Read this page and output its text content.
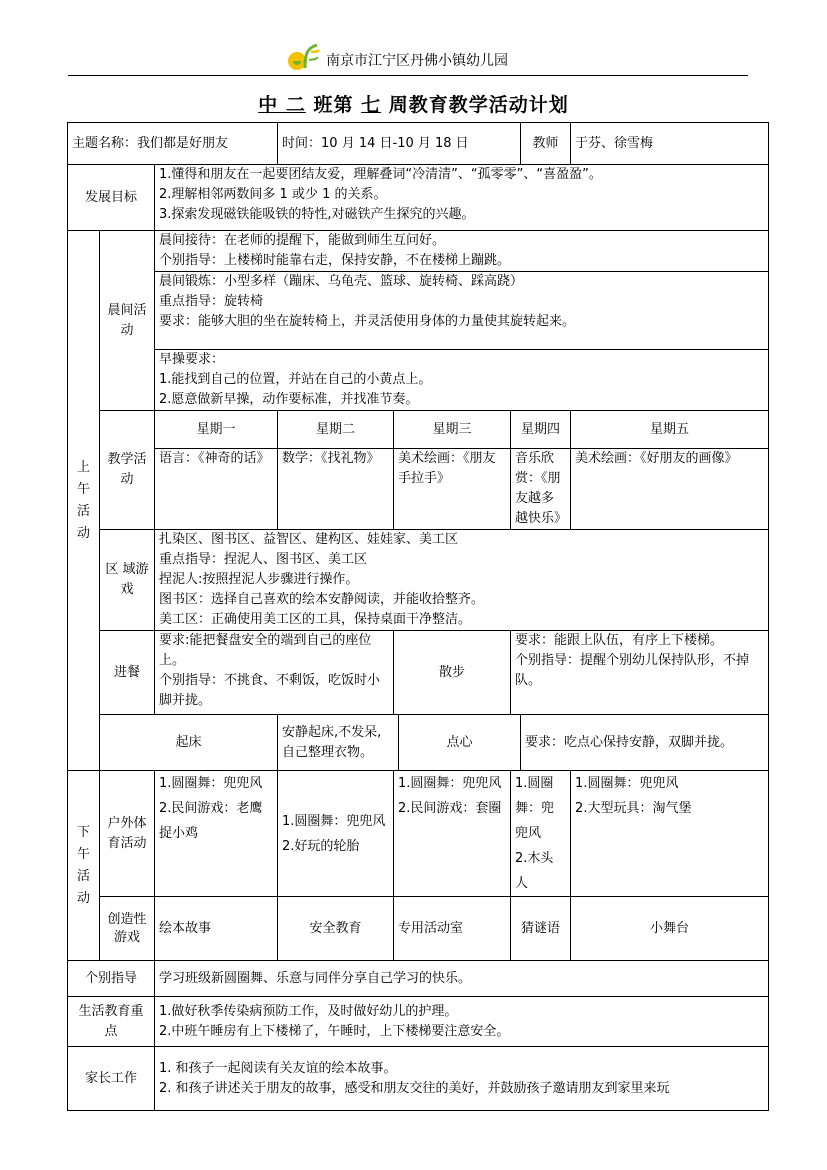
南京市江宁区丹佛小镇幼儿园
中 二 班第 七 周教育教学活动计划
主题名称：我们都是好朋友			时间：10 月 14 日-10 月 18 日				教师	于芬、徐雪梅
发展目标		1.懂得和朋友在一起要团结友爱，理解叠词“冷清清”、“孤零零”、“喜盈盈”。
2.理解相邻两数间多 1 或少 1 的关系。
3.探索发现磁铁能吸铁的特性,对磁铁产生探究的兴趣。						

上午活动	晨间活动	晨间接待：在老师的提醒下，能做到师生互问好。
个别指导：上楼梯时能靠右走，保持安静，不在楼梯上蹦跳。						

		晨间锻炼：小型多样（蹦床、乌龟壳、篮球、旋转椅、踩高跷）
重点指导：旋转椅
要求：能够大胆的坐在旋转椅上，并灵活使用身体的力量使其旋转起来。						

		早操要求：
1.能找到自己的位置，并站在自己的小黄点上。
2.愿意做新早操，动作要标准，并找准节奏。						

	教学活动	星期一	星期二	星期三		星期四		星期五
		语言：《神奇的话》	数学：《找礼物》	美术绘画：《朋友手拉手》		音乐欣赏：《朋友越多越快乐》		美术绘画：《好朋友的画像》
	区 域游戏	扎染区、图书区、益智区、建构区、娃娃家、美工区
重点指导：捏泥人、图书区、美工区
捏泥人:按照捏泥人步骤进行操作。
图书区：选择自己喜欢的绘本安静阅读，并能收拾整齐。
美工区：正确使用美工区的工具，保持桌面干净整洁。						

	进餐	要求:能把餐盘安全的端到自己的座位上。
个别指导：不挑食、不剩饭，吃饭时小脚并拢。		散步		要求：能跟上队伍，有序上下楼梯。
个别指导：提醒个别幼儿保持队形，不掉队。		

	起床		安静起床,不发呆,自己整理衣物。		点心		要求：吃点心保持安静，双脚并拢。	
下午活动	户外体育活动	1.圆圈舞：兜兜风
2.民间游戏：老鹰捉小鸡	1.圆圈舞：兜兜风
2.好玩的轮胎	1.圆圈舞：兜兜风
2.民间游戏：套圈		1.圆圈舞：兜兜风
2.木头人		1.圆圈舞：兜兜风
2.大型玩具：淘气堡

	创造性游戏	绘本故事	安全教育	专用活动室		猜谜语		小舞台
个别指导		学习班级新圆圈舞、乐意与同伴分享自己学习的快乐。						
生活教育重 点		1.做好秋季传染病预防工作，及时做好幼儿的护理。
2.中班午睡房有上下楼梯了，午睡时，上下楼梯要注意安全。						

家长工作		1. 和孩子一起阅读有关友谊的绘本故事。
2. 和孩子讲述关于朋友的故事，感受和朋友交往的美好，并鼓励孩子邀请朋友到家里来玩						
